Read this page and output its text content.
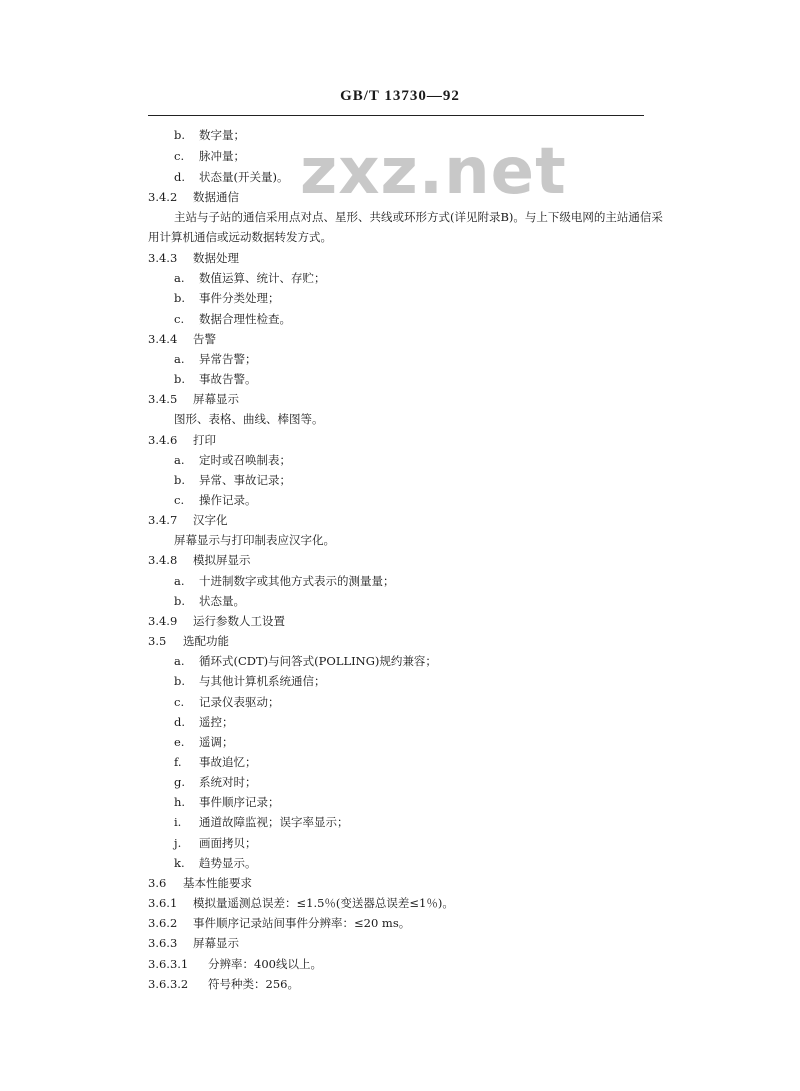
GB/T 13730—92
zxz.net
b. 数字量；
c. 脉冲量；
d. 状态量(开关量)。
3.4.2 数据通信
主站与子站的通信采用点对点、星形、共线或环形方式(详见附录B)。与上下级电网的主站通信采
用计算机通信或远动数据转发方式。
3.4.3 数据处理
a. 数值运算、统计、存贮；
b. 事件分类处理；
c. 数据合理性检查。
3.4.4 告警
a. 异常告警；
b. 事故告警。
3.4.5 屏幕显示
图形、表格、曲线、棒图等。
3.4.6 打印
a. 定时或召唤制表；
b. 异常、事故记录；
c. 操作记录。
3.4.7 汉字化
屏幕显示与打印制表应汉字化。
3.4.8 模拟屏显示
a. 十进制数字或其他方式表示的测量量；
b. 状态量。
3.4.9 运行参数人工设置
3.5 选配功能
a. 循环式(CDT)与问答式(POLLING)规约兼容；
b. 与其他计算机系统通信；
c. 记录仪表驱动；
d. 遥控；
e. 遥调；
f. 事故追忆；
g. 系统对时；
h. 事件顺序记录；
i. 通道故障监视；误字率显示；
j. 画面拷贝；
k. 趋势显示。
3.6 基本性能要求
3.6.1 模拟量遥测总误差：≤1.5％(变送器总误差≤1％)。
3.6.2 事件顺序记录站间事件分辨率：≤20 ms。
3.6.3 屏幕显示
3.6.3.1 分辨率：400线以上。
3.6.3.2 符号种类：256。
